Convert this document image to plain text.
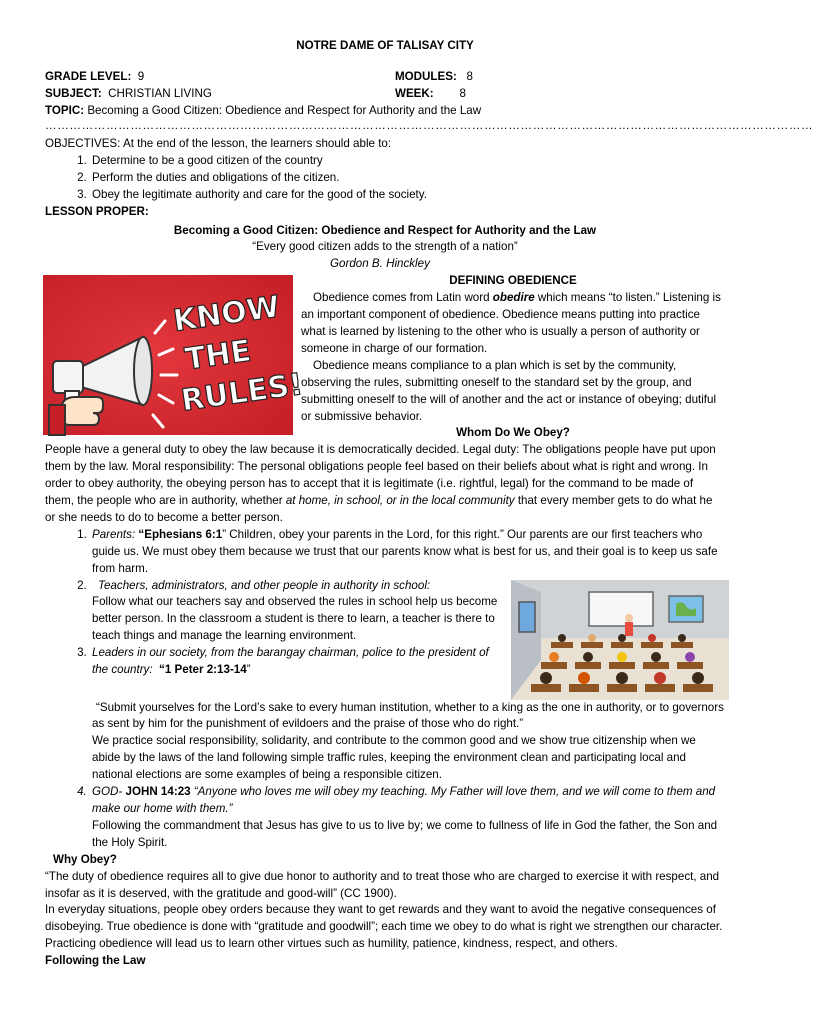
NOTRE DAME OF TALISAY CITY
GRADE LEVEL: 9	MODULES: 8
SUBJECT: CHRISTIAN LIVING	WEEK: 8
TOPIC: Becoming a Good Citizen: Obedience and Respect for Authority and the Law
………………………………………………………………………………………………………………………………………………………………………

OBJECTIVES: At the end of the lesson, the learners should able to:

1. Determine to be a good citizen of the country
2. Perform the duties and obligations of the citizen.
3. Obey the legitimate authority and care for the good of the society.

LESSON PROPER:

Becoming a Good Citizen: Obedience and Respect for Authority and the Law

“Every good citizen adds to the strength of a nation”

Gordon B. Hinckley

KNOW
THE
RULES!

DEFINING OBEDIENCE

Obedience comes from Latin word obedire which means “to listen.” Listening is an important component of obedience. Obedience means putting into practice what is learned by listening to the other who is usually a person of authority or someone in charge of our formation.

Obedience means compliance to a plan which is set by the community, observing the rules, submitting oneself to the standard set by the group, and submitting oneself to the will of another and the act or instance of obeying; dutiful or submissive behavior.

Whom Do We Obey?

People have a general duty to obey the law because it is democratically decided. Legal duty: The obligations people have put upon them by the law. Moral responsibility: The personal obligations people feel based on their beliefs about what is right and wrong. In order to obey authority, the obeying person has to accept that it is legitimate (i.e. rightful, legal) for the command to be made of them, the people who are in authority, whether at home, in school, or in the local community that every member gets to do what he or she needs to do to become a better person.

1. Parents: “Ephesians 6:1” Children, obey your parents in the Lord, for this right.” Our parents are our first teachers who guide us. We must obey them because we trust that our parents know what is best for us, and their goal is to keep us safe from harm.
2. Teachers, administrators, and other people in authority in school:
Follow what our teachers say and observed the rules in school help us become better person. In the classroom a student is there to learn, a teacher is there to teach things and manage the learning environment.
3. Leaders in our society, from the barangay chairman, police to the president of the country: “1 Peter 2:13-14”
“Submit yourselves for the Lord’s sake to every human institution, whether to a king as the one in authority, or to governors as sent by him for the punishment of evildoers and the praise of those who do right.”
We practice social responsibility, solidarity, and contribute to the common good and we show true citizenship when we abide by the laws of the land following simple traffic rules, keeping the environment clean and participating local and national elections are some examples of being a responsible citizen.
4. GOD- JOHN 14:23 “Anyone who loves me will obey my teaching. My Father will love them, and we will come to them and make our home with them.”
Following the commandment that Jesus has give to us to live by; we come to fullness of life in God the father, the Son and the Holy Spirit.

Why Obey?

“The duty of obedience requires all to give due honor to authority and to treat those who are charged to exercise it with respect, and insofar as it is deserved, with the gratitude and good-will” (CC 1900).

In everyday situations, people obey orders because they want to get rewards and they want to avoid the negative consequences of disobeying. True obedience is done with “gratitude and goodwill”; each time we obey to do what is right we strengthen our character. Practicing obedience will lead us to learn other virtues such as humility, patience, kindness, respect, and others.

Following the Law
